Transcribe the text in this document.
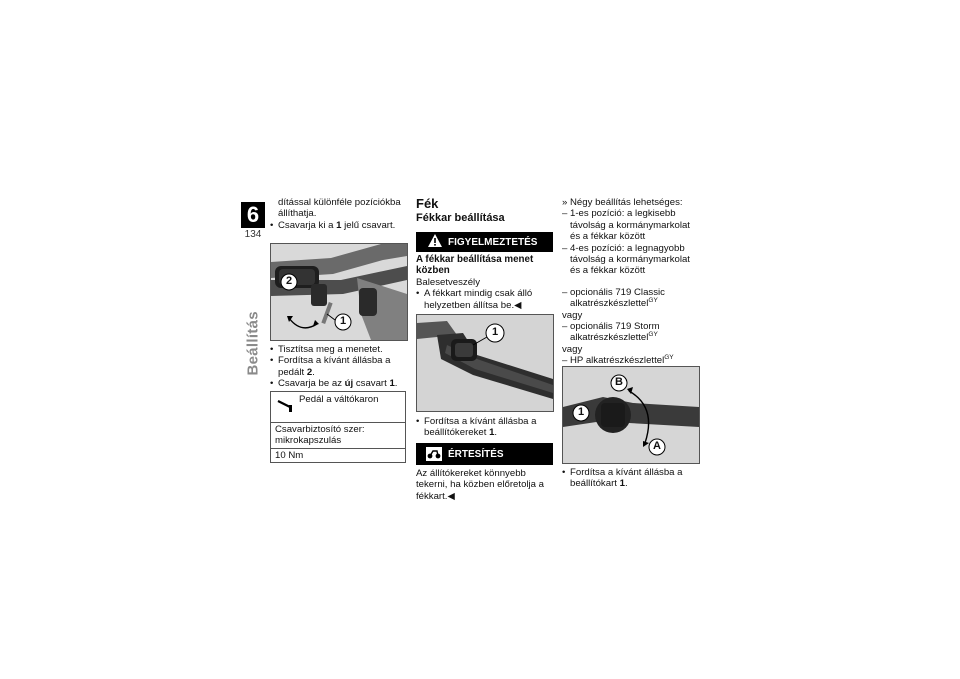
6
134
Beállítás

dítással különféle pozíciókba állíthatja.

• Csavarja ki a 1 jelű csavart.
2
1
• Tisztítsa meg a menetet.
• Fordítsa a kívánt állásba a pedált 2.
• Csavarja be az új csavart 1.
Pedál a váltókaron

Csavarbiztosító szer: mikrokapszulás
10 Nm

Fék

Fékkar beállítása

FIGYELMEZTETÉS

A fékkar beállítása menet közben

Balesetveszély

• A fékkart mindig csak álló helyzetben állítsa be.◀
1
• Fordítsa a kívánt állásba a beállítókereket 1.
ÉRTESÍTÉS

Az állítókereket könnyebb tekerni, ha közben előretolja a fékkart.◀

» Négy beállítás lehetséges:

– 1-es pozíció: a legkisebb távolság a kormánymarkolat és a fékkar között
– 4-es pozíció: a legnagyobb távolság a kormánymarkolat és a fékkar között
– opcionális 719 Classic alkatrészkészlettel$^{GY}$

vagy

– opcionális 719 Storm alkatrészkészlettel$^{GY}$

vagy

– HP alkatrészkészlettel$^{GY}$
B
1
A
• Fordítsa a kívánt állásba a beállítókart 1.
